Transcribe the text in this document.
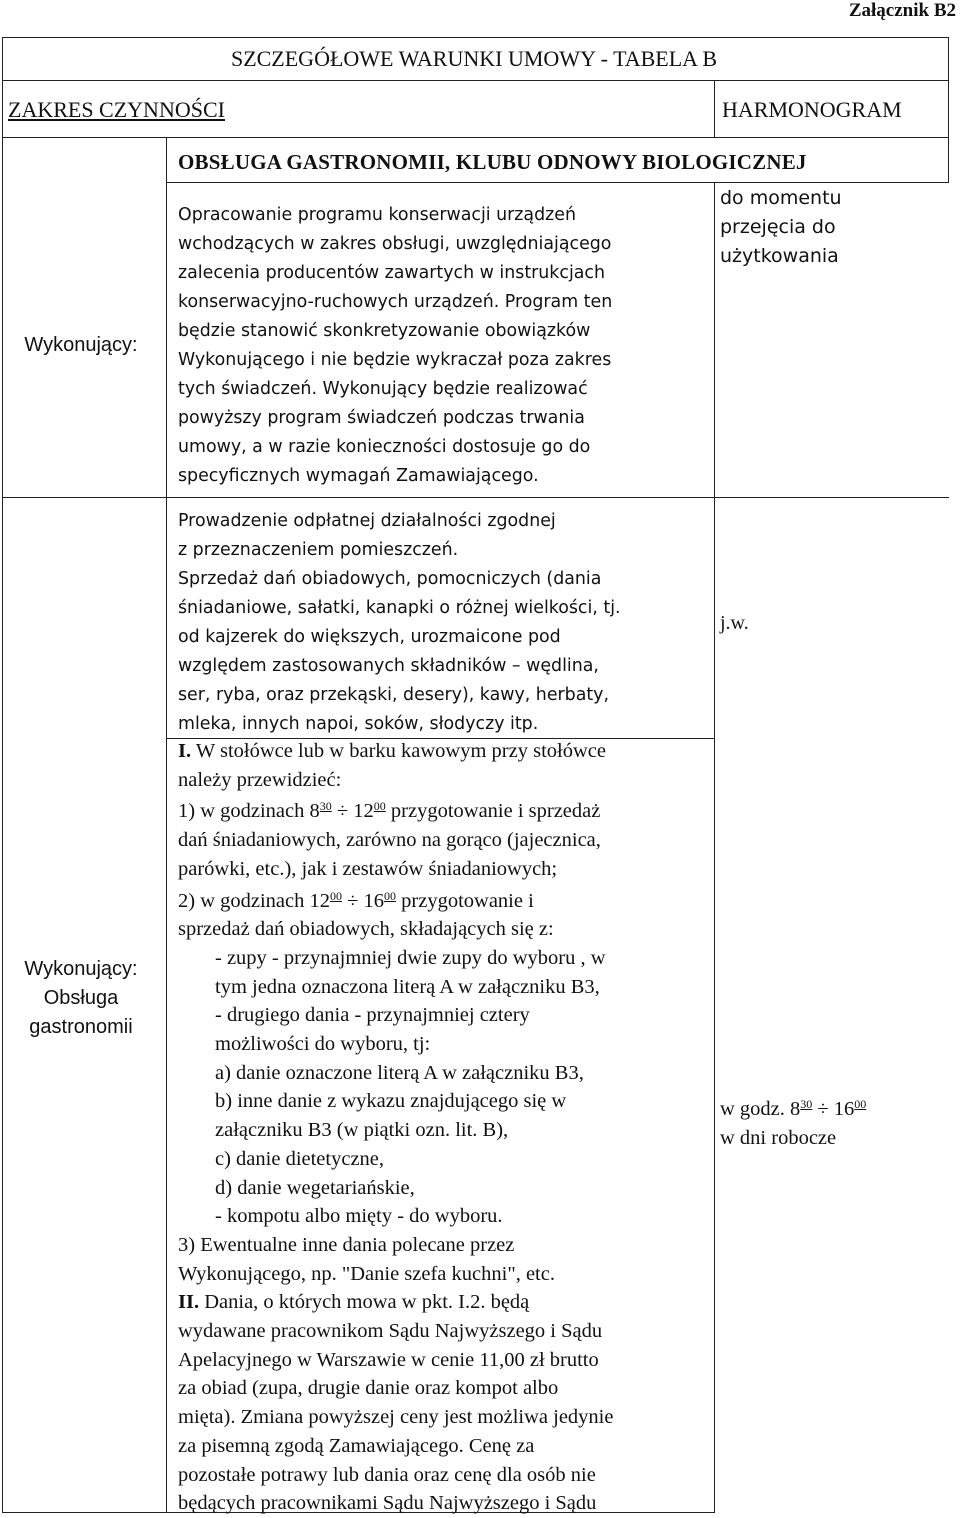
Załącznik B2
SZCZEGÓŁOWE WARUNKI UMOWY - TABELA B
ZAKRES CZYNNOŚCI	HARMONOGRAM
OBSŁUGA GASTRONOMII, KLUBU ODNOWY BIOLOGICZNEJ
Wykonujący:
Opracowanie programu konserwacji urządzeń
wchodzących w zakres obsługi, uwzględniającego
zalecenia producentów zawartych w instrukcjach
konserwacyjno-ruchowych urządzeń. Program ten
będzie stanowić skonkretyzowanie obowiązków
Wykonującego i nie będzie wykraczał poza zakres
tych świadczeń. Wykonujący będzie realizować
powyższy program świadczeń podczas trwania
umowy, a w razie konieczności dostosuje go do
specyficznych wymagań Zamawiającego.
do momentu
przejęcia do
użytkowania
Wykonujący:
Obsługa
gastronomii
Prowadzenie odpłatnej działalności zgodnej
z przeznaczeniem pomieszczeń.
Sprzedaż dań obiadowych, pomocniczych (dania
śniadaniowe, sałatki, kanapki o różnej wielkości, tj.
od kajzerek do większych, urozmaicone pod
względem zastosowanych składników – wędlina,
ser, ryba, oraz przekąski, desery), kawy, herbaty,
mleka, innych napoi, soków, słodyczy itp.
j.w.
I. W stołówce lub w barku kawowym przy stołówce
należy przewidzieć:
1) w godzinach $8^{30} \div 12^{00}$ przygotowanie i sprzedaż
dań śniadaniowych, zarówno na gorąco (jajecznica,
parówki, etc.), jak i zestawów śniadaniowych;
2) w godzinach $12^{00} \div 16^{00}$ przygotowanie i
sprzedaż dań obiadowych, składających się z:
- zupy - przynajmniej dwie zupy do wyboru , w
tym jedna oznaczona literą A w załączniku B3,
- drugiego dania - przynajmniej cztery
możliwości do wyboru, tj:
a) danie oznaczone literą A w załączniku B3,
b) inne danie z wykazu znajdującego się w
załączniku B3 (w piątki ozn. lit. B),
c) danie dietetyczne,
d) danie wegetariańskie,
- kompotu albo mięty - do wyboru.
3) Ewentualne inne dania polecane przez
Wykonującego, np. "Danie szefa kuchni", etc.
II. Dania, o których mowa w pkt. I.2. będą
wydawane pracownikom Sądu Najwyższego i Sądu
Apelacyjnego w Warszawie w cenie 11,00 zł brutto
za obiad (zupa, drugie danie oraz kompot albo
mięta). Zmiana powyższej ceny jest możliwa jedynie
za pisemną zgodą Zamawiającego. Cenę za
pozostałe potrawy lub dania oraz cenę dla osób nie
będących pracownikami Sądu Najwyższego i Sądu
w godz. $8^{30} \div 16^{00}$
w dni robocze
